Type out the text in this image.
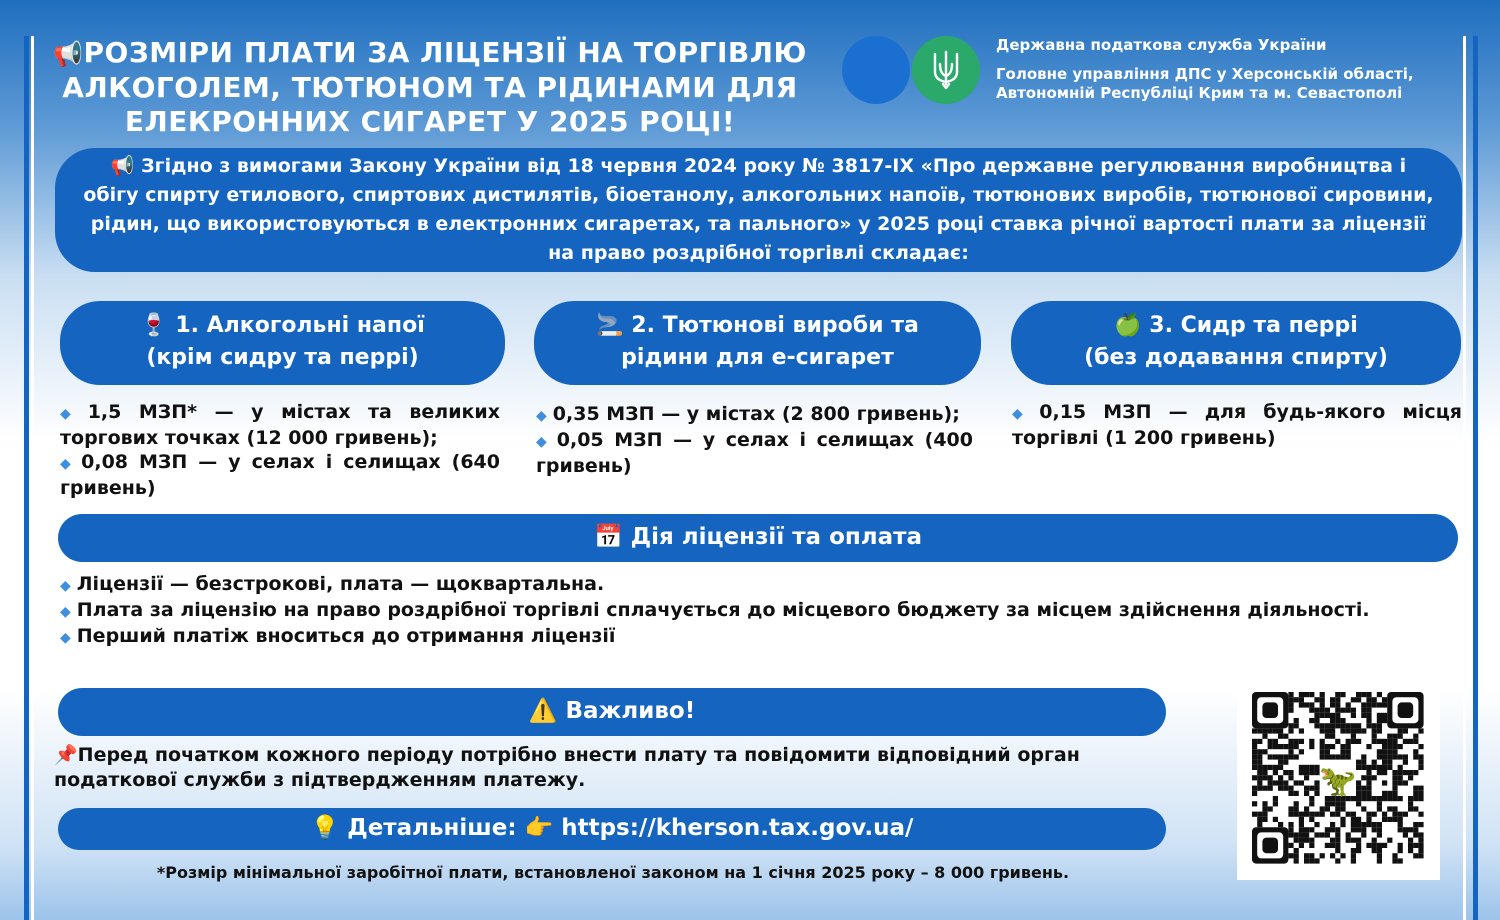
📢РОЗМІРИ ПЛАТИ ЗА ЛІЦЕНЗІЇ НА ТОРГІВЛЮ АЛКОГОЛЕМ, ТЮТЮНОМ ТА РІДИНАМИ ДЛЯ ЕЛЕКРОННИХ СИГАРЕТ У 2025 РОЦІ!
Державна податкова служба України
Головне управління ДПС у Херсонській області, Автономній Республіці Крим та м. Севастополі
📢 Згідно з вимогами Закону України від 18 червня 2024 року № 3817-IX «Про державне регулювання виробництва і обігу спирту етилового, спиртових дистилятів, біоетанолу, алкогольних напоїв, тютюнових виробів, тютюнової сировини, рідин, що використовуються в електронних сигаретах, та пального» у 2025 році ставка річної вартості плати за ліцензії на право роздрібної торгівлі складає:
🍷 1. Алкогольні напої
(крім сидру та перрі)
🚬 2. Тютюнові вироби та
рідини для е-сигарет
🍏 3. Сидр та перрі
(без додавання спирту)
◆ 1,5 МЗП* — у містах та великих торгових точках (12 000 гривень);
◆ 0,08 МЗП — у селах і селищах (640 гривень)
◆ 0,35 МЗП — у містах (2 800 гривень);
◆ 0,05 МЗП — у селах і селищах (400 гривень)
◆ 0,15 МЗП — для будь-якого місця торгівлі (1 200 гривень)
📅 Дія ліцензії та оплата
◆ Ліцензії — безстрокові, плата — щоквартальна.
◆ Плата за ліцензію на право роздрібної торгівлі сплачується до місцевого бюджету за місцем здійснення діяльності.
◆ Перший платіж вноситься до отримання ліцензії
⚠️ Важливо!
📌Перед початком кожного періоду потрібно внести плату та повідомити відповідний орган податкової служби з підтвердженням платежу.
💡 Детальніше: 👉 https://kherson.tax.gov.ua/
*Розмір мінімальної заробітної плати, встановленої законом на 1 січня 2025 року – 8 000 гривень.
🦖
